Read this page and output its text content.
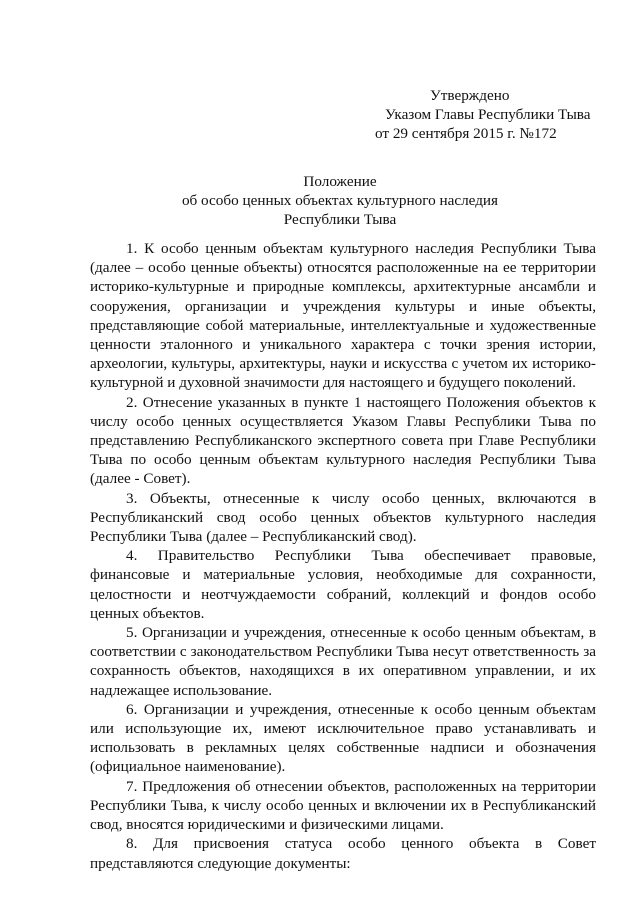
Утверждено
Указом Главы Республики Тыва
от 29 сентября 2015 г. №172
Положение
об особо ценных объектах культурного наследия
Республики Тыва

1. К особо ценным объектам культурного наследия Республики Тыва (далее – особо ценные объекты) относятся расположенные на ее территории историко-культурные и природные комплексы, архитектурные ансамбли и сооружения, организации и учреждения культуры и иные объекты, представляющие собой материальные, интеллектуальные и художественные ценности эталонного и уникального характера с точки зрения истории, археологии, культуры, архитектуры, науки и искусства с учетом их историко-культурной и духовной значимости для настоящего и будущего поколений.

2. Отнесение указанных в пункте 1 настоящего Положения объектов к числу особо ценных осуществляется Указом Главы Республики Тыва по представлению Республиканского экспертного совета при Главе Республики Тыва по особо ценным объектам культурного наследия Республики Тыва (далее - Совет).

3. Объекты, отнесенные к числу особо ценных, включаются в Республиканский свод особо ценных объектов культурного наследия Республики Тыва (далее – Республиканский свод).

4. Правительство Республики Тыва обеспечивает правовые, финансовые и материальные условия, необходимые для сохранности, целостности и неотчуждаемости собраний, коллекций и фондов особо ценных объектов.

5. Организации и учреждения, отнесенные к особо ценным объектам, в соответствии с законодательством Республики Тыва несут ответственность за сохранность объектов, находящихся в их оперативном управлении, и их надлежащее использование.

6. Организации и учреждения, отнесенные к особо ценным объектам или использующие их, имеют исключительное право устанавливать и использовать в рекламных целях собственные надписи и обозначения (официальное наименование).

7. Предложения об отнесении объектов, расположенных на территории Республики Тыва, к числу особо ценных и включении их в Республиканский свод, вносятся юридическими и физическими лицами.

8. Для присвоения статуса особо ценного объекта в Совет представляются следующие документы:
